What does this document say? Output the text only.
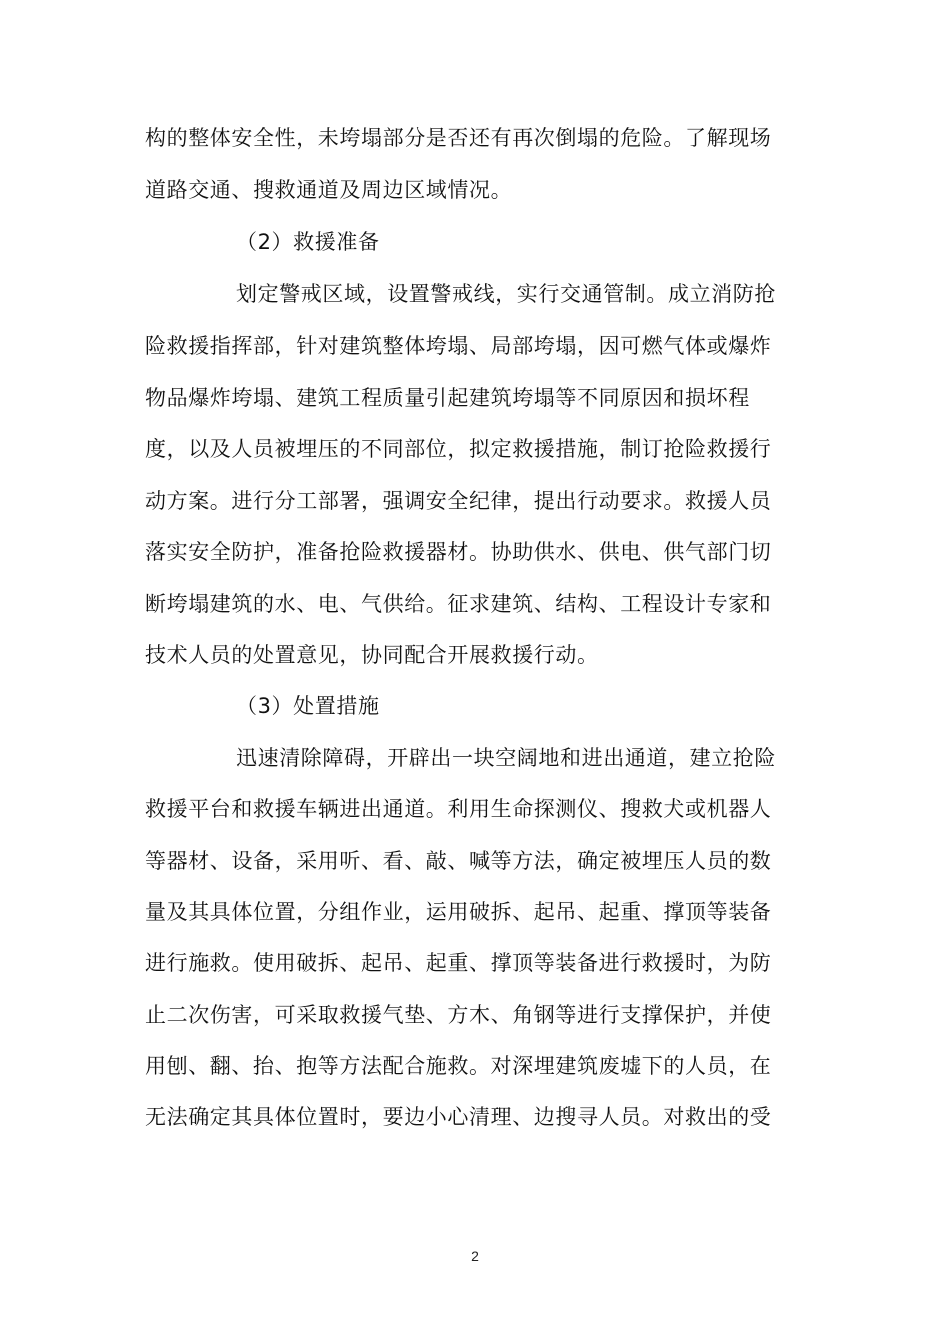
构的整体安全性，未垮塌部分是否还有再次倒塌的危险。了解现场
道路交通、搜救通道及周边区域情况。
（2）救援准备
划定警戒区域，设置警戒线，实行交通管制。成立消防抢
险救援指挥部，针对建筑整体垮塌、局部垮塌，因可燃气体或爆炸
物品爆炸垮塌、建筑工程质量引起建筑垮塌等不同原因和损坏程
度，以及人员被埋压的不同部位，拟定救援措施，制订抢险救援行
动方案。进行分工部署，强调安全纪律，提出行动要求。救援人员
落实安全防护，准备抢险救援器材。协助供水、供电、供气部门切
断垮塌建筑的水、电、气供给。征求建筑、结构、工程设计专家和
技术人员的处置意见，协同配合开展救援行动。
（3）处置措施
迅速清除障碍，开辟出一块空阔地和进出通道，建立抢险
救援平台和救援车辆进出通道。利用生命探测仪、搜救犬或机器人
等器材、设备，采用听、看、敲、喊等方法，确定被埋压人员的数
量及其具体位置，分组作业，运用破拆、起吊、起重、撑顶等装备
进行施救。使用破拆、起吊、起重、撑顶等装备进行救援时，为防
止二次伤害，可采取救援气垫、方木、角钢等进行支撑保护，并使
用刨、翻、抬、抱等方法配合施救。对深埋建筑废墟下的人员，在
无法确定其具体位置时，要边小心清理、边搜寻人员。对救出的受
2
